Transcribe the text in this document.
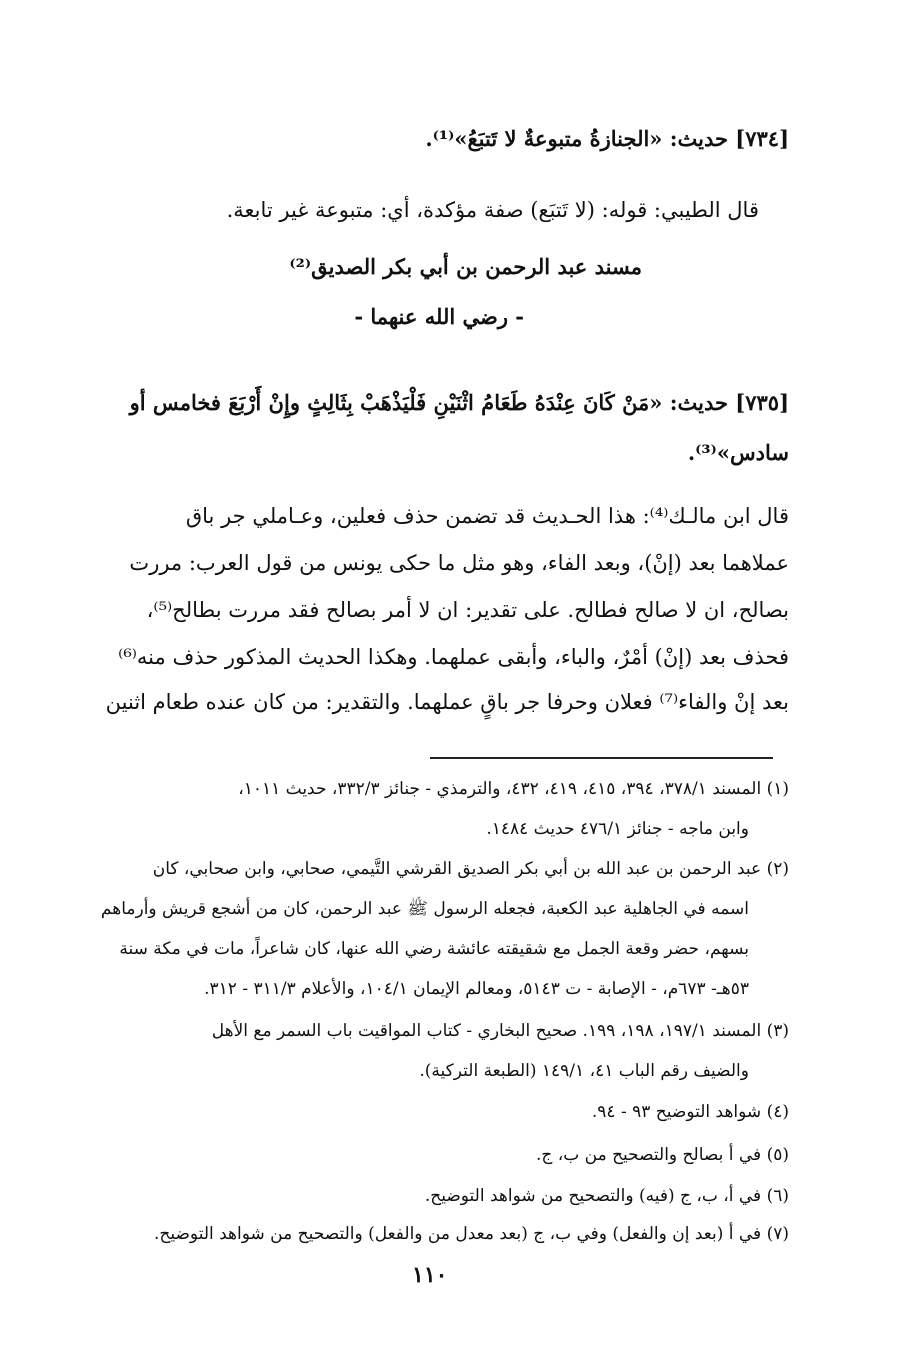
[٧٣٤] حديث: «الجنازةُ متبوعةٌ لا تَتبَعُ»⁽¹⁾.
قال الطيبي: قوله: (لا تَتبَع) صفة مؤكدة، أي: متبوعة غير تابعة.
مسند عبد الرحمن بن أبي بكر الصديق⁽²⁾
- رضي الله عنهما -
[٧٣٥] حديث: «مَنْ كَانَ عِنْدَهُ طَعَامُ اثْنَيْنِ فَلْيَذْهَبْ بِثَالِثٍ وإِنْ أَرْبَعَ فخامس أو
سادس»⁽³⁾.
قال ابن مالـك⁽⁴⁾: هذا الحـديث قد تضمن حذف فعلين، وعـاملي جر باق
عملاهما بعد (إنْ)، وبعد الفاء، وهو مثل ما حكى يونس من قول العرب: مررت
بصالح، ان لا صالح فطالح. على تقدير: ان لا أمر بصالح فقد مررت بطالح⁽⁵⁾،
فحذف بعد (إنْ) أمْرٌ، والباء، وأبقى عملهما. وهكذا الحديث المذكور حذف منه⁽⁶⁾
بعد إنْ والفاء⁽⁷⁾ فعلان وحرفا جر باقٍ عملهما. والتقدير: من كان عنده طعام اثنين
(١) المسند ٣٧٨/١، ٣٩٤، ٤١٥، ٤١٩، ٤٣٢، والترمذي - جنائز ٣٣٢/٣، حديث ١٠١١،
وابن ماجه - جنائز ٤٧٦/١ حديث ١٤٨٤.
(٢) عبد الرحمن بن عبد الله بن أبي بكر الصديق القرشي التَّيمي، صحابي، وابن صحابي، كان
اسمه في الجاهلية عبد الكعبة، فجعله الرسول ﷺ عبد الرحمن، كان من أشجع قريش وأرماهم
بسهم، حضر وقعة الجمل مع شقيقته عائشة رضي الله عنها، كان شاعراً، مات في مكة سنة
٥٣هـ- ٦٧٣م، - الإصابة - ت ٥١٤٣، ومعالم الإيمان ١٠٤/١، والأعلام ٣١١/٣ - ٣١٢.
(٣) المسند ١٩٧/١، ١٩٨، ١٩٩. صحيح البخاري - كتاب المواقيت باب السمر مع الأهل
والضيف رقم الباب ٤١، ١٤٩/١ (الطبعة التركية).
(٤) شواهد التوضيح ٩٣ - ٩٤.
(٥) في أ بصالح والتصحيح من ب، ج.
(٦) في أ، ب، ج (فيه) والتصحيح من شواهد التوضيح.
(٧) في أ (بعد إن والفعل) وفي ب، ج (بعد معدل من والفعل) والتصحيح من شواهد التوضيح.
١١٠
